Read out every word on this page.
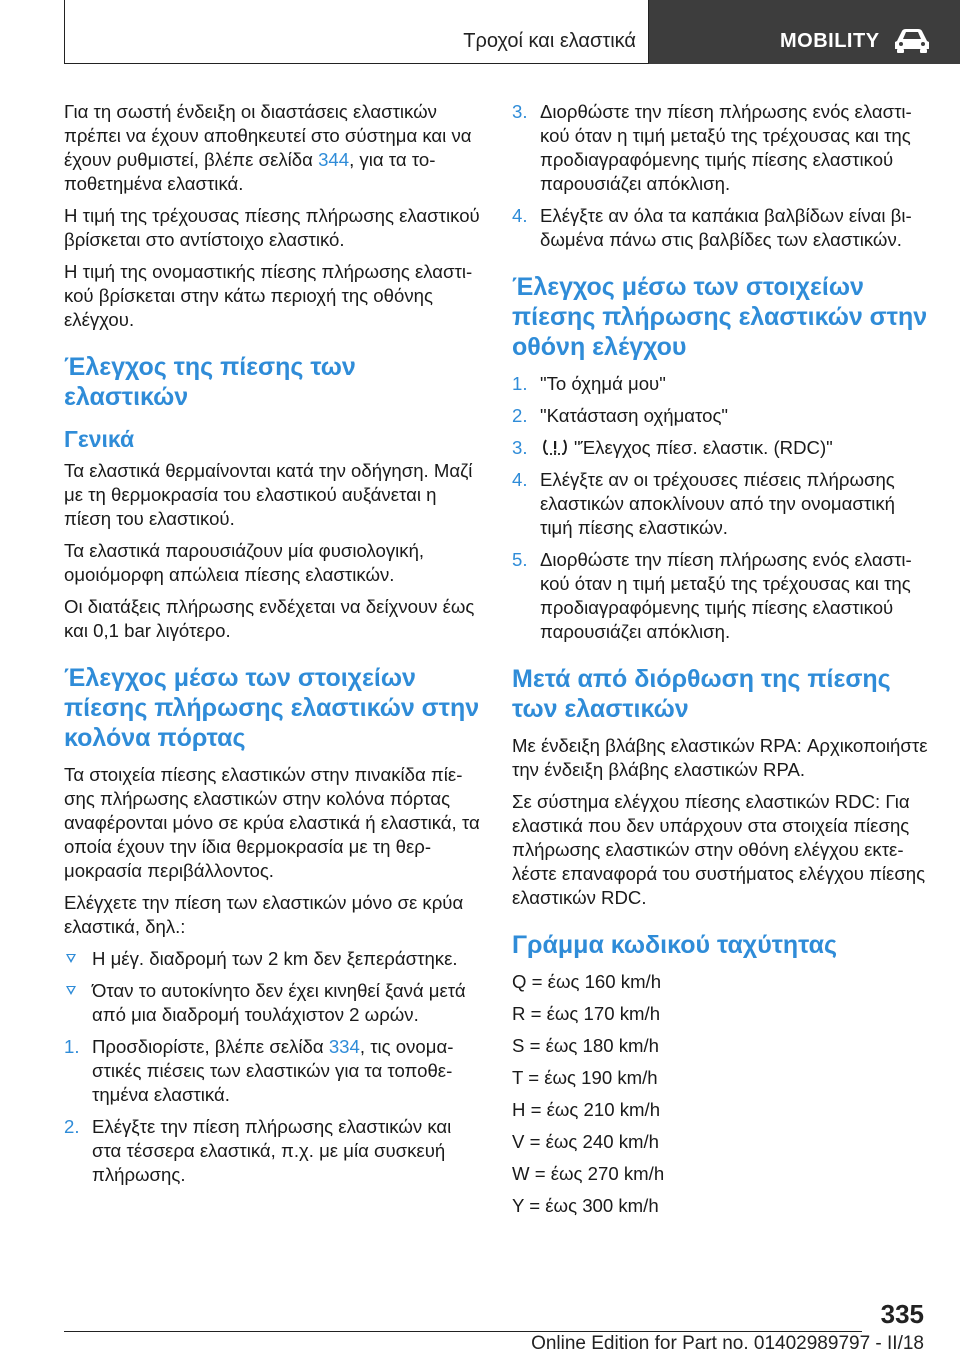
Τροχοί και ελαστικά	MOBILITY

Για τη σωστή ένδειξη οι διαστάσεις ελαστικών πρέπει να έχουν αποθηκευτεί στο σύστημα και να έχουν ρυθμιστεί, βλέπε σελίδα 344, για τα τοποθετημένα ελαστικά.

Η τιμή της τρέχουσας πίεσης πλήρωσης ελαστικού βρίσκεται στο αντίστοιχο ελαστικό.

Η τιμή της ονομαστικής πίεσης πλήρωσης ελαστικού βρίσκεται στην κάτω περιοχή της οθόνης ελέγχου.

Έλεγχος της πίεσης των ελαστικών
Γενικά

Τα ελαστικά θερμαίνονται κατά την οδήγηση. Μαζί με τη θερμοκρασία του ελαστικού αυξάνεται η πίεση του ελαστικού.

Τα ελαστικά παρουσιάζουν μία φυσιολογική, ομοιόμορφη απώλεια πίεσης ελαστικών.

Οι διατάξεις πλήρωσης ενδέχεται να δείχνουν έως και 0,1 bar λιγότερο.

Έλεγχος μέσω των στοιχείων πίεσης πλήρωσης ελαστικών στην κολόνα πόρτας

Τα στοιχεία πίεσης ελαστικών στην πινακίδα πίεσης πλήρωσης ελαστικών στην κολόνα πόρτας αναφέρονται μόνο σε κρύα ελαστικά ή ελαστικά, τα οποία έχουν την ίδια θερμοκρασία με τη θερμοκρασία περιβάλλοντος.

Ελέγχετε την πίεση των ελαστικών μόνο σε κρύα ελαστικά, δηλ.:

Η μέγ. διαδρομή των 2 km δεν ξεπεράστηκε.
Όταν το αυτοκίνητο δεν έχει κινηθεί ξανά μετά από μια διαδρομή τουλάχιστον 2 ωρών.
1. Προσδιορίστε, βλέπε σελίδα 334, τις ονομαστικές πιέσεις των ελαστικών για τα τοποθετημένα ελαστικά.
2. Ελέγξτε την πίεση πλήρωσης ελαστικών και στα τέσσερα ελαστικά, π.χ. με μία συσκευή πλήρωσης.
3. Διορθώστε την πίεση πλήρωσης ενός ελαστικού όταν η τιμή μεταξύ της τρέχουσας και της προδιαγραφόμενης τιμής πίεσης ελαστικού παρουσιάζει απόκλιση.
4. Ελέγξτε αν όλα τα καπάκια βαλβίδων είναι βιδωμένα πάνω στις βαλβίδες των ελαστικών.
Έλεγχος μέσω των στοιχείων πίεσης πλήρωσης ελαστικών στην οθόνη ελέγχου
1. "Το όχημά μου"
2. "Κατάσταση οχήματος"
3. "Έλεγχος πίεσ. ελαστικ. (RDC)"
4. Ελέγξτε αν οι τρέχουσες πιέσεις πλήρωσης ελαστικών αποκλίνουν από την ονομαστική τιμή πίεσης ελαστικών.
5. Διορθώστε την πίεση πλήρωσης ενός ελαστικού όταν η τιμή μεταξύ της τρέχουσας και της προδιαγραφόμενης τιμής πίεσης ελαστικού παρουσιάζει απόκλιση.
Μετά από διόρθωση της πίεσης των ελαστικών

Με ένδειξη βλάβης ελαστικών RPA: Αρχικοποιήστε την ένδειξη βλάβης ελαστικών RPA.

Σε σύστημα ελέγχου πίεσης ελαστικών RDC: Για ελαστικά που δεν υπάρχουν στα στοιχεία πίεσης πλήρωσης ελαστικών στην οθόνη ελέγχου εκτελέστε επαναφορά του συστήματος ελέγχου πίεσης ελαστικών RDC.

Γράμμα κωδικού ταχύτητας
Q = έως 160 km/h
R = έως 170 km/h
S = έως 180 km/h
T = έως 190 km/h
H = έως 210 km/h
V = έως 240 km/h
W = έως 270 km/h
Y = έως 300 km/h
335
Online Edition for Part no. 01402989797 - II/18
